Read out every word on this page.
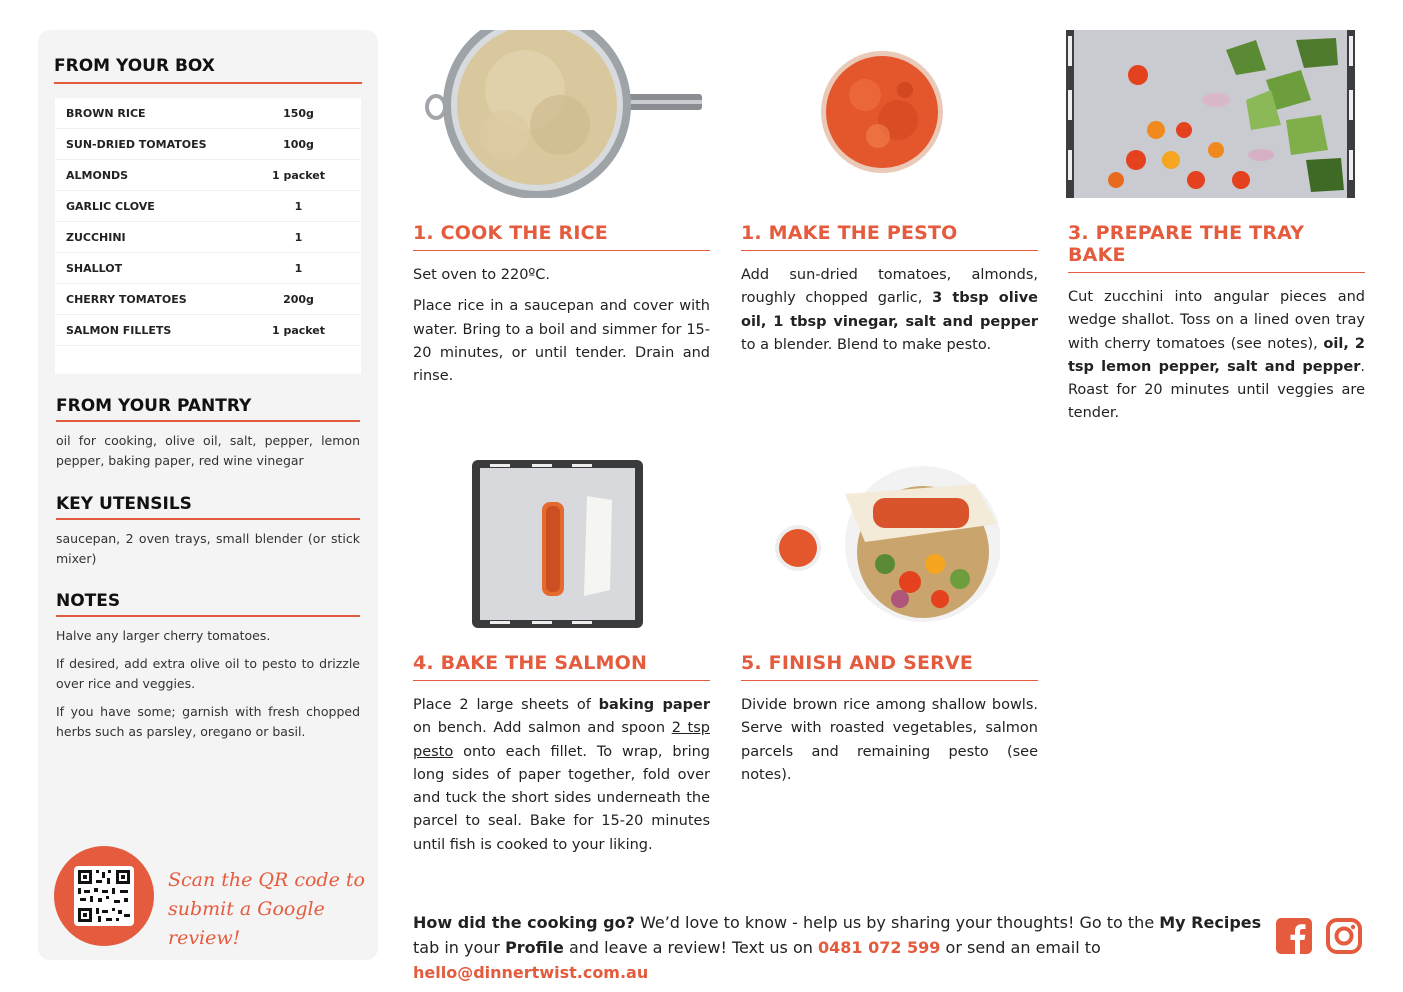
FROM YOUR BOX
BROWN RICE	150g
SUN-DRIED TOMATOES	100g
ALMONDS	1 packet
GARLIC CLOVE	1
ZUCCHINI	1
SHALLOT	1
CHERRY TOMATOES	200g
SALMON FILLETS	1 packet
FROM YOUR PANTRY

oil for cooking, olive oil, salt, pepper, lemon pepper, baking paper, red wine vinegar

KEY UTENSILS

saucepan, 2 oven trays, small blender (or stick mixer)

NOTES

Halve any larger cherry tomatoes.

If desired, add extra olive oil to pesto to drizzle over rice and veggies.

If you have some; garnish with fresh chopped herbs such as parsley, oregano or basil.

Scan the QR code to
submit a Google review!
1. COOK THE RICE

Set oven to 220ºC.

Place rice in a saucepan and cover with water. Bring to a boil and simmer for 15-20 minutes, or until tender. Drain and rinse.

1. MAKE THE PESTO

Add sun-dried tomatoes, almonds, roughly chopped garlic, 3 tbsp olive oil, 1 tbsp vinegar, salt and pepper to a blender. Blend to make pesto.

3. PREPARE THE TRAY BAKE

Cut zucchini into angular pieces and wedge shallot. Toss on a lined oven tray with cherry tomatoes (see notes), oil, 2 tsp lemon pepper, salt and pepper. Roast for 20 minutes until veggies are tender.

4. BAKE THE SALMON

Place 2 large sheets of baking paper on bench. Add salmon and spoon 2 tsp pesto onto each fillet. To wrap, bring long sides of paper together, fold over and tuck the short sides underneath the parcel to seal. Bake for 15-20 minutes until fish is cooked to your liking.

5. FINISH AND SERVE

Divide brown rice among shallow bowls. Serve with roasted vegetables, salmon parcels and remaining pesto (see notes).

How did the cooking go? We’d love to know - help us by sharing your thoughts! Go to the My Recipes tab in your Profile and leave a review! Text us on 0481 072 599 or send an email to hello@dinnertwist.com.au
